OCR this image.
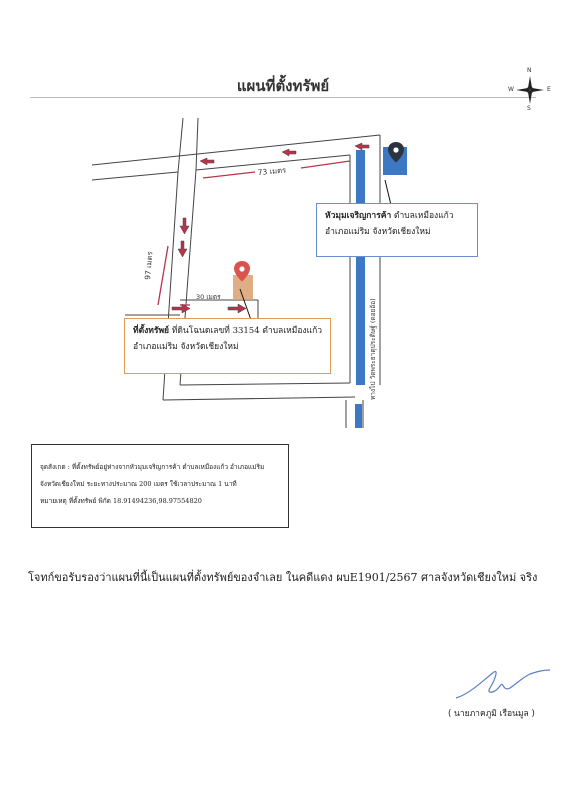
แผนที่ตั้งทรัพย์
N
S
W	E
73 เมตร
97 เมตร
30 เมตร
ทางไป วัดพระธาตุประดิษฐ์ (ดอยอ้อ)
หัวมุมเจริญการค้า ตำบลเหมืองแก้ว
อำเภอแม่ริม จังหวัดเชียงใหม่
ที่ตั้งทรัพย์ ที่ดินโฉนดเลขที่ 33154 ตำบลเหมืองแก้ว
อำเภอแม่ริม จังหวัดเชียงใหม่
จุดสังเกต : ที่ตั้งทรัพย์อยู่ห่างจากหัวมุมเจริญการค้า ตำบลเหมืองแก้ว อำเภอแม่ริม
จังหวัดเชียงใหม่ ระยะทางประมาณ 200 เมตร ใช้เวลาประมาณ 1 นาที
หมายเหตุ ที่ตั้งทรัพย์ พิกัด 18.91494236,98.97554820
โจทก์ขอรับรองว่าแผนที่นี้เป็นแผนที่ตั้งทรัพย์ของจำเลย ในคดีแดง ผบE1901/2567 ศาลจังหวัดเชียงใหม่ จริง
( นายภาคภูมิ เรือนมูล )
